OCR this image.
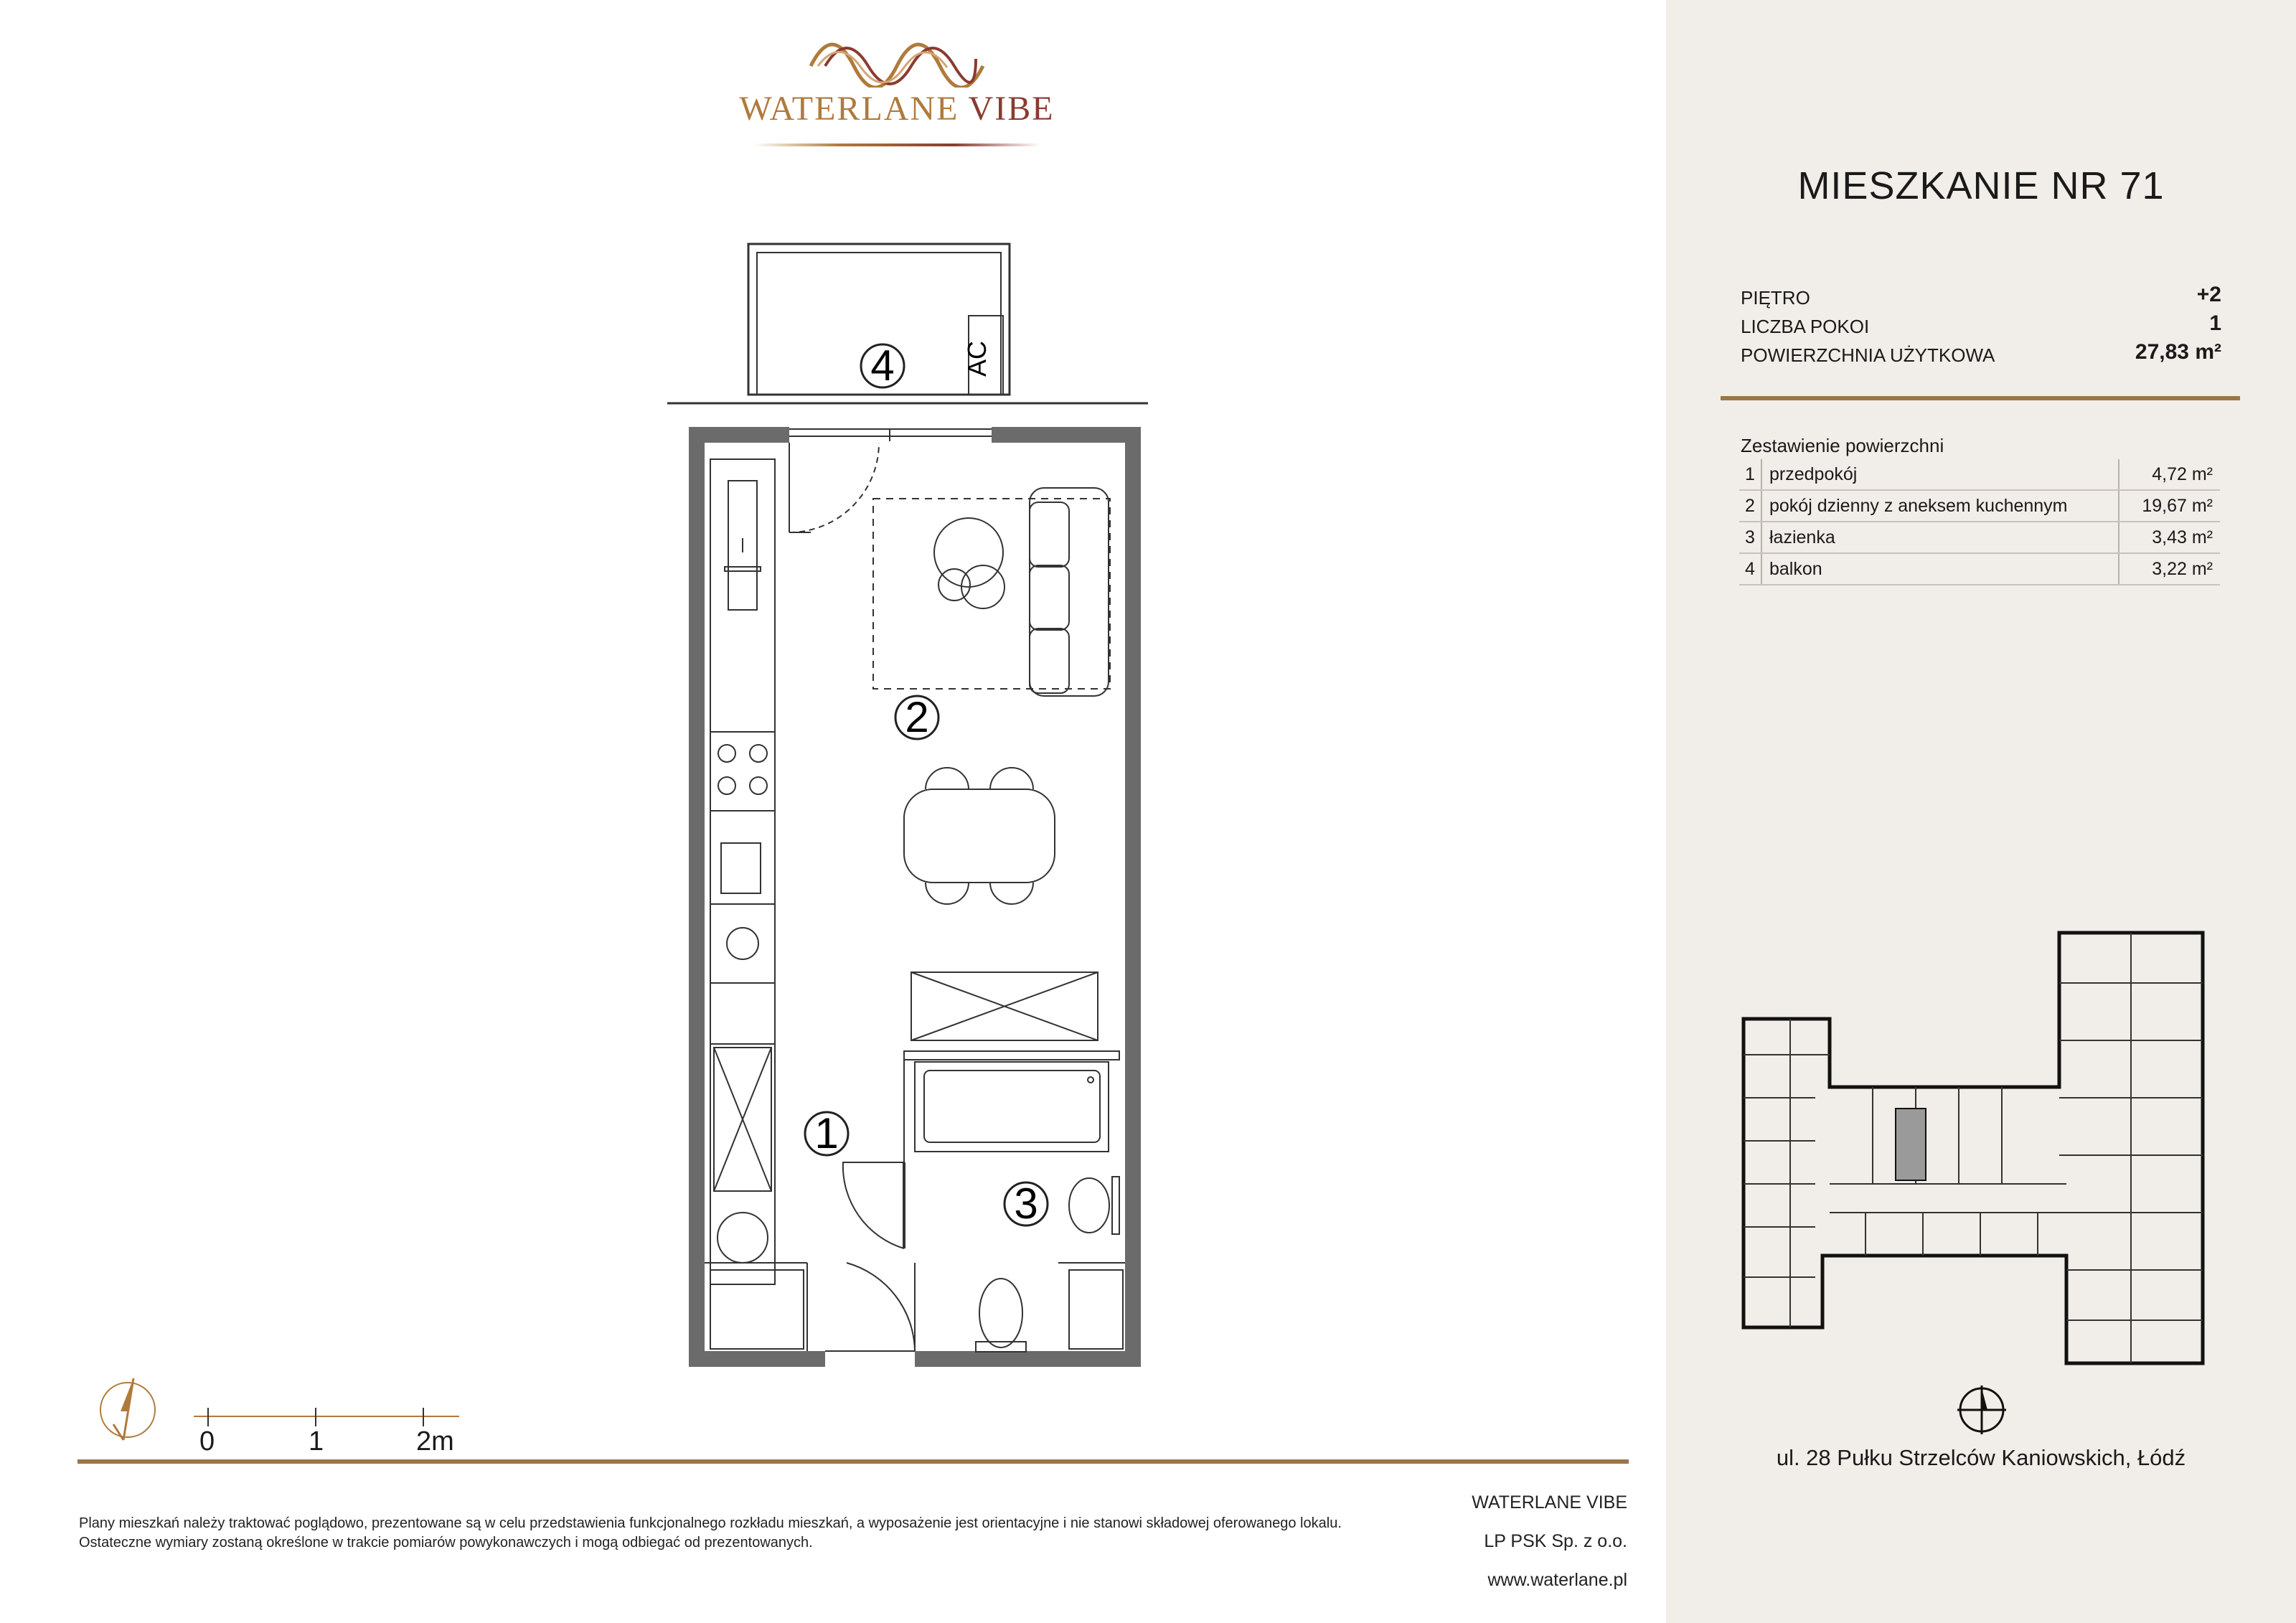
WATERLANE VIBE
AC
4
2
1
3
0	1	2m
Plany mieszkań należy traktować poglądowo, prezentowane są w celu przedstawienia funkcjonalnego rozkładu mieszkań, a wyposażenie jest orientacyjne i nie stanowi składowej oferowanego lokalu.
Ostateczne wymiary zostaną określone w trakcie pomiarów powykonawczych i mogą odbiegać od prezentowanych.
WATERLANE VIBE
LP PSK Sp. z o.o.
www.waterlane.pl
MIESZKANIE NR 71
PIĘTRO	+2
LICZBA POKOI	1
POWIERZCHNIA UŻYTKOWA	27,83 m²
Zestawienie powierzchni
1	przedpokój	4,72 m²
2	pokój dzienny z aneksem kuchennym	19,67 m²
3	łazienka	3,43 m²
4	balkon	3,22 m²
ul. 28 Pułku Strzelców Kaniowskich, Łódź
